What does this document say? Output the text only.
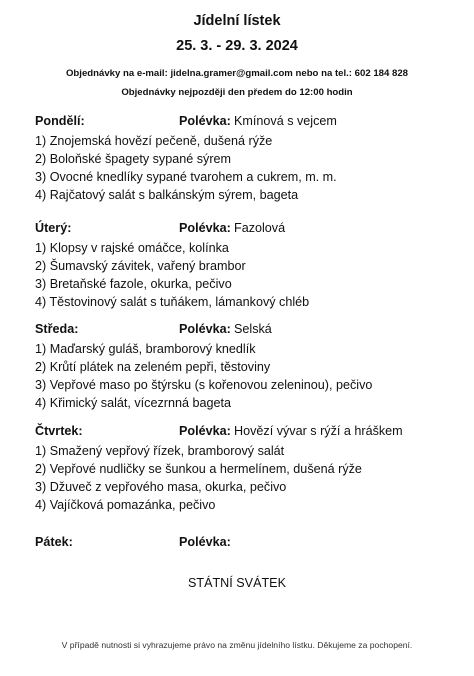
Jídelní lístek
25. 3. - 29. 3. 2024
Objednávky na e-mail: jidelna.gramer@gmail.com nebo na tel.: 602 184 828
Objednávky nejpozději den předem do 12:00 hodin
Pondělí:	Polévka: Kmínová s vejcem
1) Znojemská hovězí pečeně, dušená rýže
2) Boloňské špagety sypané sýrem
3) Ovocné knedlíky sypané tvarohem a cukrem, m. m.
4) Rajčatový salát s balkánským sýrem, bageta
Úterý:	Polévka: Fazolová
1) Klopsy v rajské omáčce, kolínka
2) Šumavský závitek, vařený brambor
3) Bretaňské fazole, okurka, pečivo
4) Těstovinový salát s tuňákem, lámankový chléb
Středa:	Polévka: Selská
1) Maďarský guláš, bramborový knedlík
2) Krůtí plátek na zeleném pepři, těstoviny
3) Vepřové maso po štýrsku (s kořenovou zeleninou), pečivo
4) Křimický salát, vícezrnná bageta
Čtvrtek:	Polévka: Hovězí vývar s rýží a hráškem
1) Smažený vepřový řízek, bramborový salát
2) Vepřové nudličky se šunkou a hermelínem, dušená rýže
3) Džuveč z vepřového masa, okurka, pečivo
4) Vajíčková pomazánka, pečivo
Pátek:	Polévka:
STÁTNÍ SVÁTEK
V případě nutnosti si vyhrazujeme právo na změnu jídelního lístku. Děkujeme za pochopení.
